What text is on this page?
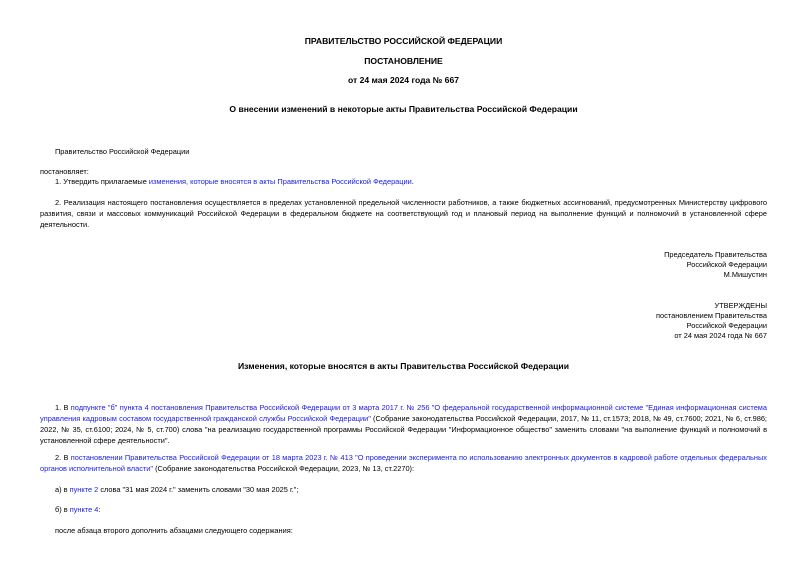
ПРАВИТЕЛЬСТВО РОССИЙСКОЙ ФЕДЕРАЦИИ
ПОСТАНОВЛЕНИЕ
от 24 мая 2024 года № 667
О внесении изменений в некоторые акты Правительства Российской Федерации
Правительство Российской Федерации
постановляет:
1. Утвердить прилагаемые изменения, которые вносятся в акты Правительства Российской Федерации.
2. Реализация настоящего постановления осуществляется в пределах установленной предельной численности работников, а также бюджетных ассигнований, предусмотренных Министерству цифрового развития, связи и массовых коммуникаций Российской Федерации в федеральном бюджете на соответствующий год и плановый период на выполнение функций и полномочий в установленной сфере деятельности.
Председатель Правительства
Российской Федерации
М.Мишустин
УТВЕРЖДЕНЫ
постановлением Правительства
Российской Федерации
от 24 мая 2024 года № 667
Изменения, которые вносятся в акты Правительства Российской Федерации
1. В подпункте "б" пункта 4 постановления Правительства Российской Федерации от 3 марта 2017 г. № 256 "О федеральной государственной информационной системе "Единая информационная система управления кадровым составом государственной гражданской службы Российской Федерации" (Собрание законодательства Российской Федерации, 2017, № 11, ст.1573; 2018, № 49, ст.7600; 2021, № 6, ст.986; 2022, № 35, ст.6100; 2024, № 5, ст.700) слова "на реализацию государственной программы Российской Федерации "Информационное общество" заменить словами "на выполнение функций и полномочий в установленной сфере деятельности".
2. В постановлении Правительства Российской Федерации от 18 марта 2023 г. № 413 "О проведении эксперимента по использованию электронных документов в кадровой работе отдельных федеральных органов исполнительной власти" (Собрание законодательства Российской Федерации, 2023, № 13, ст.2270):
а) в пункте 2 слова "31 мая 2024 г." заменить словами "30 мая 2025 г.";
б) в пункте 4:
после абзаца второго дополнить абзацами следующего содержания:
